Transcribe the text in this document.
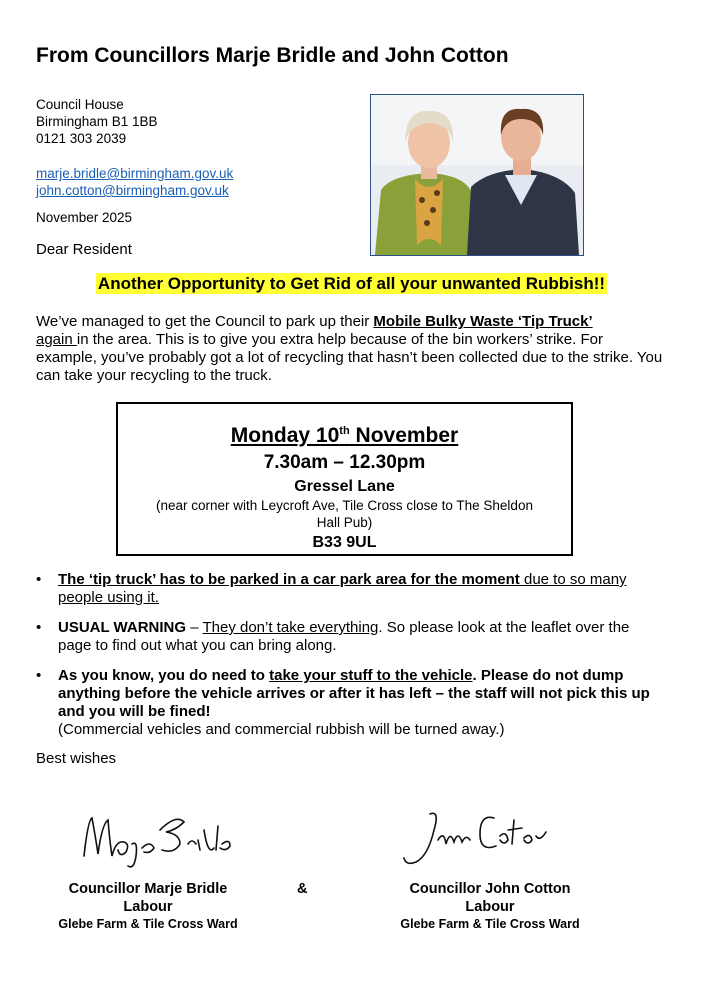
From Councillors Marje Bridle and John Cotton
Council House
Birmingham B1 1BB
0121 303 2039
marje.bridle@birmingham.gov.uk
john.cotton@birmingham.gov.uk
November 2025
Dear Resident
Another Opportunity to Get Rid of all your unwanted Rubbish!!
We’ve managed to get the Council to park up their Mobile Bulky Waste ‘Tip Truck’
again in the area. This is to give you extra help because of the bin workers’ strike. For example, you’ve probably got a lot of recycling that hasn’t been collected due to the strike. You can take your recycling to the truck.
Monday 10th November
7.30am – 12.30pm
Gressel Lane
(near corner with Leycroft Ave, Tile Cross close to The Sheldon Hall Pub)
B33 9UL
• The ‘tip truck’ has to be parked in a car park area for the moment due to so many people using it.
• USUAL WARNING – They don’t take everything. So please look at the leaflet over the page to find out what you can bring along.
• As you know, you do need to take your stuff to the vehicle. Please do not dump anything before the vehicle arrives or after it has left – the staff will not pick this up and you will be fined!
(Commercial vehicles and commercial rubbish will be turned away.)
Best wishes
Councillor Marje Bridle
Labour
Glebe Farm & Tile Cross Ward
&	Councillor John Cotton
Labour
Glebe Farm & Tile Cross Ward
